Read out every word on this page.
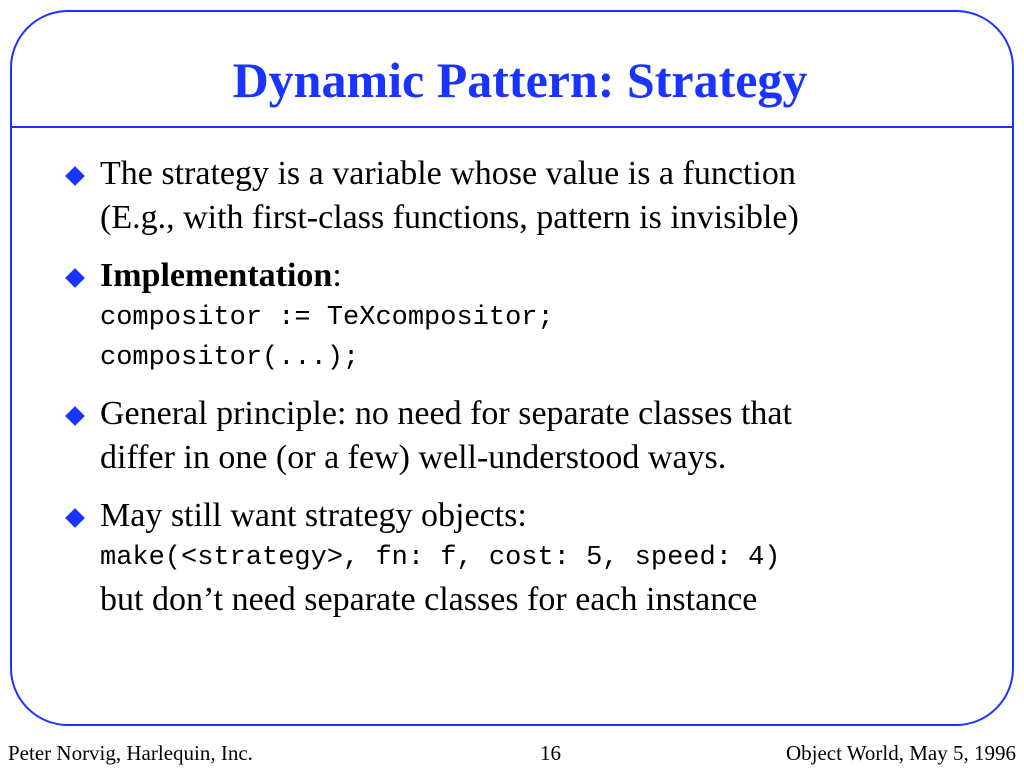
Dynamic Pattern: Strategy
The strategy is a variable whose value is a function
(E.g., with first-class functions, pattern is invisible)
Implementation:
compositor := TeXcompositor;
compositor(...);
General principle: no need for separate classes that
differ in one (or a few) well-understood ways.
May still want strategy objects:
make(<strategy>, fn: f, cost: 5, speed: 4)
but don’t need separate classes for each instance
Peter Norvig, Harlequin, Inc.	16	Object World, May 5, 1996
